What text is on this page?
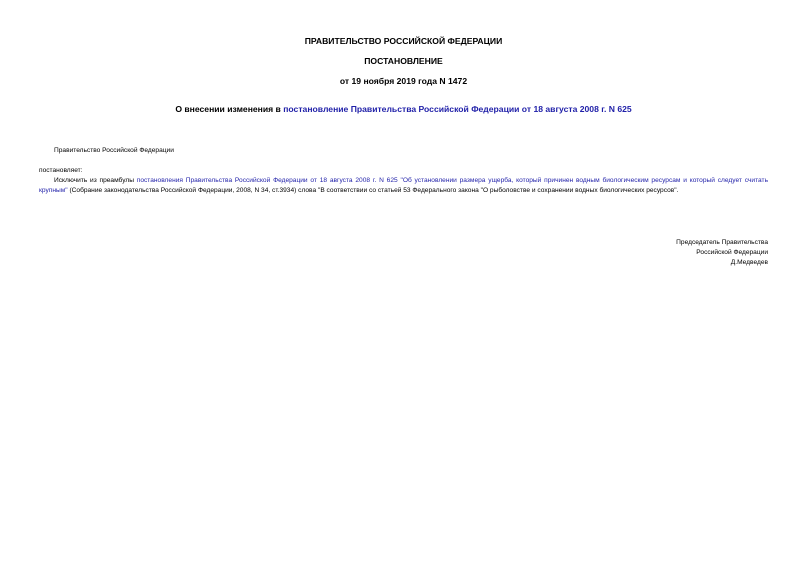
ПРАВИТЕЛЬСТВО РОССИЙСКОЙ ФЕДЕРАЦИИ
ПОСТАНОВЛЕНИЕ
от 19 ноября 2019 года N 1472
О внесении изменения в постановление Правительства Российской Федерации от 18 августа 2008 г. N 625
Правительство Российской Федерации
постановляет:
Исключить из преамбулы постановления Правительства Российской Федерации от 18 августа 2008 г. N 625 "Об установлении размера ущерба, который причинен водным биологическим ресурсам и который следует считать крупным" (Собрание законодательства Российской Федерации, 2008, N 34, ст.3934) слова "В соответствии со статьей 53 Федерального закона "О рыболовстве и сохранении водных биологических ресурсов".
Председатель Правительства
Российской Федерации
Д.Медведев
